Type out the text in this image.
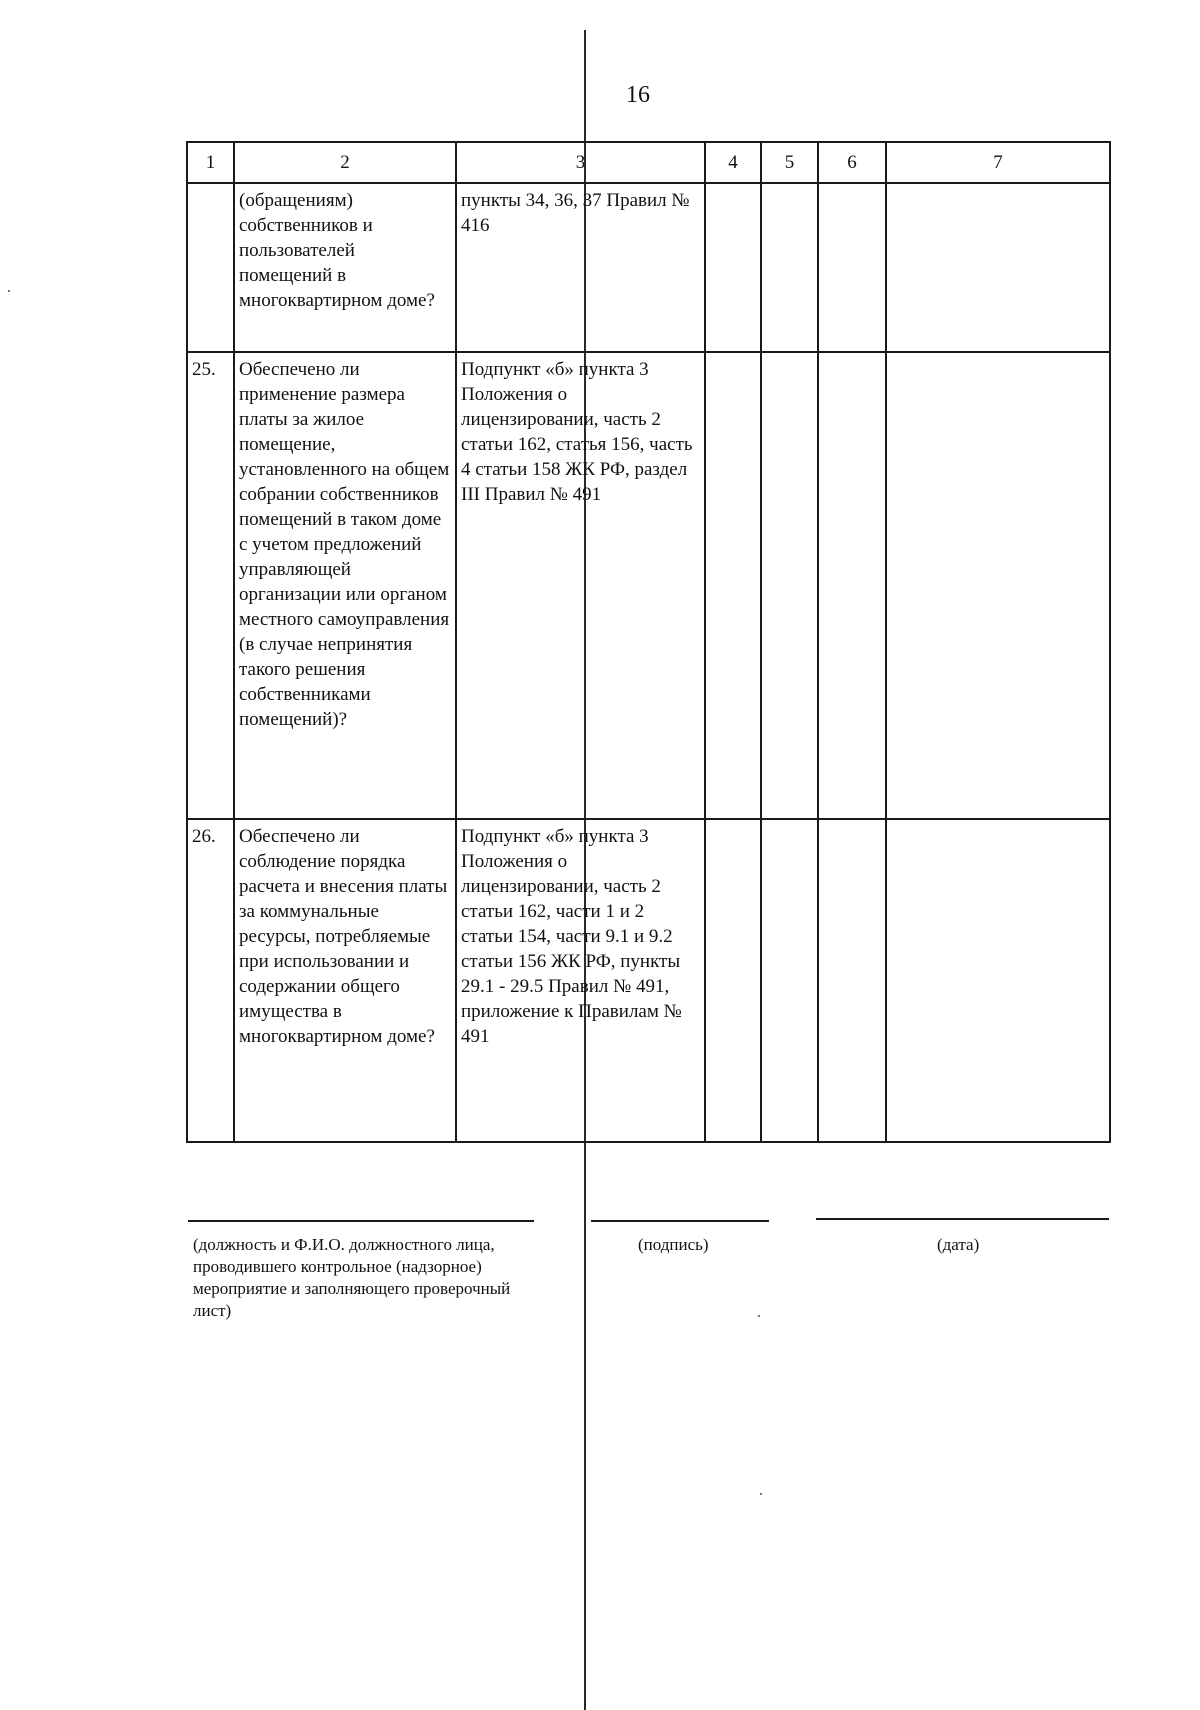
16
1	2	3	4	5	6	7
	(обращениям) собственников и пользователей помещений в многоквартирном доме?	пункты 34, 36, 37 Правил № 416				
25.	Обеспечено ли применение размера платы за жилое помещение, установленного на общем собрании собственников помещений в таком доме с учетом предложений управляющей организации или органом местного самоуправления (в случае непринятия такого решения собственниками помещений)?	Подпункт «б» пункта 3 Положения о лицензировании, часть 2 статьи 162, статья 156, часть 4 статьи 158 ЖК РФ, раздел III Правил № 491				
26.	Обеспечено ли соблюдение порядка расчета и внесения платы за коммунальные ресурсы, потребляемые при использовании и содержании общего имущества в многоквартирном доме?	Подпункт «б» пункта 3 Положения о лицензировании, часть 2 статьи 162, части 1 и 2 статьи 154, части 9.1 и 9.2 статьи 156 ЖК РФ, пункты 29.1 - 29.5 Правил № 491, приложение к Правилам № 491				
(должность и Ф.И.О. должностного лица, проводившего контрольное (надзорное) мероприятие и заполняющего проверочный лист)
(подпись)	(дата)
